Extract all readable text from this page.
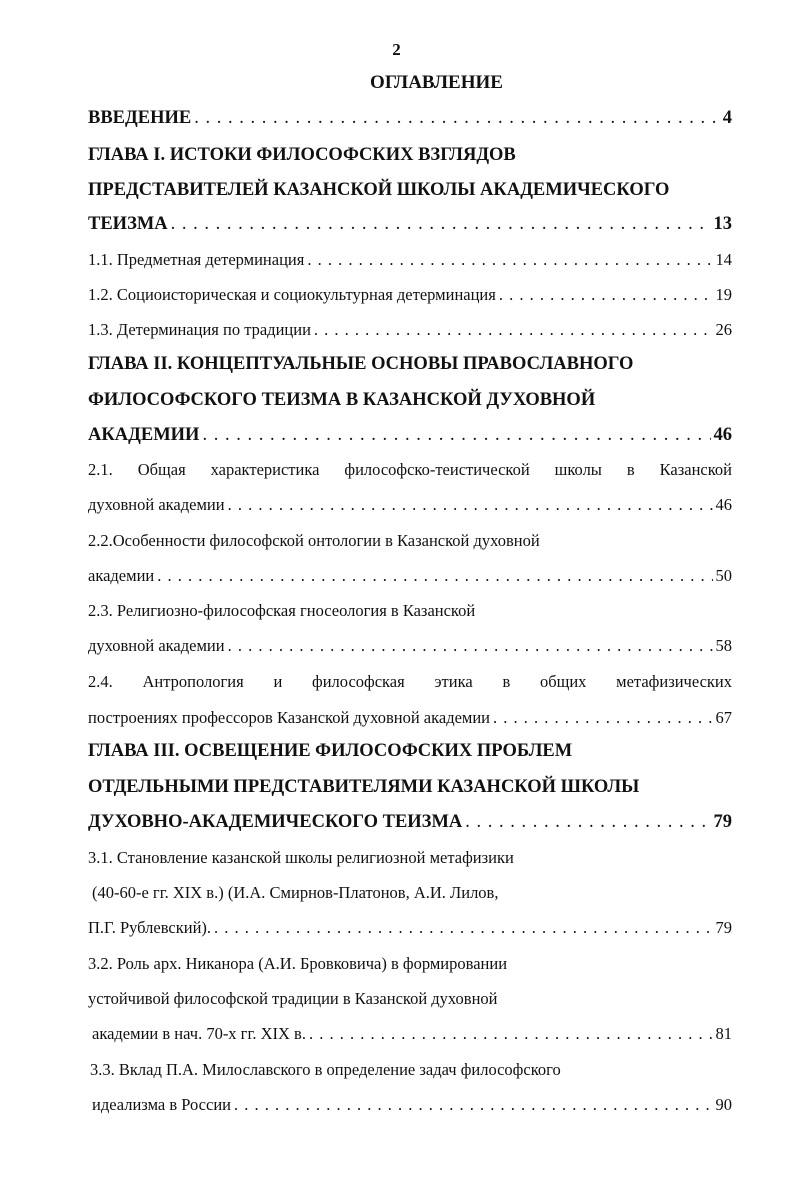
2
ОГЛАВЛЕНИЕ
ВВЕДЕНИЕ . . .	4
ГЛАВА I. ИСТОКИ ФИЛОСОФСКИХ ВЗГЛЯДОВ
ПРЕДСТАВИТЕЛЕЙ КАЗАНСКОЙ ШКОЛЫ АКАДЕМИЧЕСКОГО
ТЕИЗМА . . .	13
1.1. Предметная детерминация . . .	14
1.2. Социоисторическая и социокультурная детерминация . . .	19
1.3. Детерминация по традиции . . .	26
ГЛАВА II. КОНЦЕПТУАЛЬНЫЕ ОСНОВЫ ПРАВОСЛАВНОГО
ФИЛОСОФСКОГО ТЕИЗМА В КАЗАНСКОЙ ДУХОВНОЙ
АКАДЕМИИ . . .	46
2.1. Общая характеристика философско-теистической школы в Казанской
духовной академии . . .	46
2.2.Особенности философской онтологии в Казанской духовной
академии . . .	50
2.3. Религиозно-философская гносеология в Казанской
духовной академии . . .	58
2.4. Антропология и философская этика в общих метафизических
построениях профессоров Казанской духовной академии . . .	67
ГЛАВА III. ОСВЕЩЕНИЕ ФИЛОСОФСКИХ ПРОБЛЕМ
ОТДЕЛЬНЫМИ ПРЕДСТАВИТЕЛЯМИ КАЗАНСКОЙ ШКОЛЫ
ДУХОВНО-АКАДЕМИЧЕСКОГО ТЕИЗМА . . .	79
3.1. Становление казанской школы религиозной метафизики
(40-60-е гг. XIX в.) (И.А. Смирнов-Платонов, А.И. Лилов,
П.Г. Рублевский). . . .	79
3.2. Роль арх. Никанора (А.И. Бровковича) в формировании
устойчивой философской традиции в Казанской духовной
академии в нач. 70-х гг. XIX в. . . .	81
3.3. Вклад П.А. Милославского в определение задач философского
идеализма в России . . .	90
